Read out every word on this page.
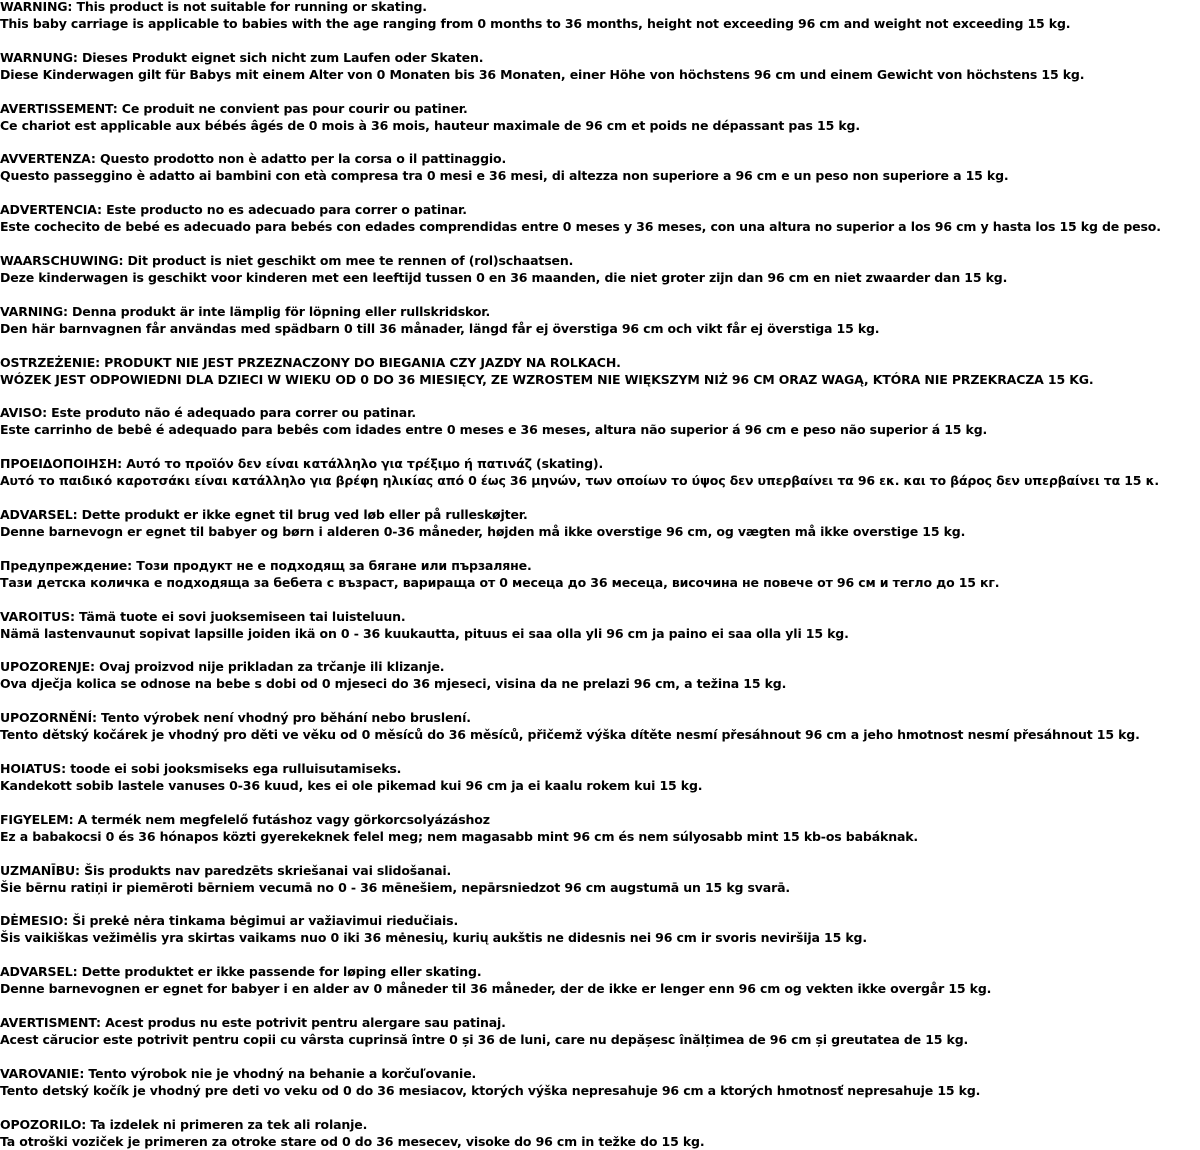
WARNING: This product is not suitable for running or skating.
This baby carriage is applicable to babies with the age ranging from 0 months to 36 months, height not exceeding 96 cm and weight not exceeding 15 kg.
WARNUNG: Dieses Produkt eignet sich nicht zum Laufen oder Skaten.
Diese Kinderwagen gilt für Babys mit einem Alter von 0 Monaten bis 36 Monaten, einer Höhe von höchstens 96 cm und einem Gewicht von höchstens 15 kg.
AVERTISSEMENT: Ce produit ne convient pas pour courir ou patiner.
Ce chariot est applicable aux bébés âgés de 0 mois à 36 mois, hauteur maximale de 96 cm et poids ne dépassant pas 15 kg.
AVVERTENZA: Questo prodotto non è adatto per la corsa o il pattinaggio.
Questo passeggino è adatto ai bambini con età compresa tra 0 mesi e 36 mesi, di altezza non superiore a 96 cm e un peso non superiore a 15 kg.
ADVERTENCIA: Este producto no es adecuado para correr o patinar.
Este cochecito de bebé es adecuado para bebés con edades comprendidas entre 0 meses y 36 meses, con una altura no superior a los 96 cm y hasta los 15 kg de peso.
WAARSCHUWING: Dit product is niet geschikt om mee te rennen of (rol)schaatsen.
Deze kinderwagen is geschikt voor kinderen met een leeftijd tussen 0 en 36 maanden, die niet groter zijn dan 96 cm en niet zwaarder dan 15 kg.
VARNING: Denna produkt är inte lämplig för löpning eller rullskridskor.
Den här barnvagnen får användas med spädbarn 0 till 36 månader, längd får ej överstiga 96 cm och vikt får ej överstiga 15 kg.
OSTRZEŻENIE: PRODUKT NIE JEST PRZEZNACZONY DO BIEGANIA CZY JAZDY NA ROLKACH.
WÓZEK JEST ODPOWIEDNI DLA DZIECI W WIEKU OD 0 DO 36 MIESIĘCY, ZE WZROSTEM NIE WIĘKSZYM NIŻ 96 CM ORAZ WAGĄ, KTÓRA NIE PRZEKRACZA 15 KG.
AVISO: Este produto não é adequado para correr ou patinar.
Este carrinho de bebê é adequado para bebês com idades entre 0 meses e 36 meses, altura não superior á 96 cm e peso não superior á 15 kg.
ΠΡΟΕΙΔΟΠΟΙΗΣΗ: Αυτό το προϊόν δεν είναι κατάλληλο για τρέξιμο ή πατινάζ (skating).
Αυτό το παιδικό καροτσάκι είναι κατάλληλο για βρέφη ηλικίας από 0 έως 36 μηνών, των οποίων το ύψος δεν υπερβαίνει τα 96 εκ. και το βάρος δεν υπερβαίνει τα 15 κ.
ADVARSEL: Dette produkt er ikke egnet til brug ved løb eller på rulleskøjter.
Denne barnevogn er egnet til babyer og børn i alderen 0-36 måneder, højden må ikke overstige 96 cm, og vægten må ikke overstige 15 kg.
Предупреждение: Този продукт не е подходящ за бягане или пързаляне.
Тази детска количка е подходяща за бебета с възраст, варираща от 0 месеца до 36 месеца, височина не повече от 96 см и тегло до 15 кг.
VAROITUS: Tämä tuote ei sovi juoksemiseen tai luisteluun.
Nämä lastenvaunut sopivat lapsille joiden ikä on 0 - 36 kuukautta, pituus ei saa olla yli 96 cm ja paino ei saa olla yli 15 kg.
UPOZORENJE: Ovaj proizvod nije prikladan za trčanje ili klizanje.
Ova dječja kolica se odnose na bebe s dobi od 0 mjeseci do 36 mjeseci, visina da ne prelazi 96 cm, a težina 15 kg.
UPOZORNĚNÍ: Tento výrobek není vhodný pro běhání nebo bruslení.
Tento dětský kočárek je vhodný pro děti ve věku od 0 měsíců do 36 měsíců, přičemž výška dítěte nesmí přesáhnout 96 cm a jeho hmotnost nesmí přesáhnout 15 kg.
HOIATUS: toode ei sobi jooksmiseks ega rulluisutamiseks.
Kandekott sobib lastele vanuses 0-36 kuud, kes ei ole pikemad kui 96 cm ja ei kaalu rokem kui 15 kg.
FIGYELEM: A termék nem megfelelő futáshoz vagy görkorcsolyázáshoz
Ez a babakocsi 0 és 36 hónapos közti gyerekeknek felel meg; nem magasabb mint 96 cm és nem súlyosabb mint 15 kb-os babáknak.
UZMANĪBU: Šis produkts nav paredzēts skriešanai vai slidošanai.
Šie bērnu ratiņi ir piemēroti bērniem vecumā no 0 - 36 mēnešiem, nepārsniedzot 96 cm augstumā un 15 kg svarā.
DĖMESIO: Ši prekė nėra tinkama bėgimui ar važiavimui riedučiais.
Šis vaikiškas vežimėlis yra skirtas vaikams nuo 0 iki 36 mėnesių, kurių aukštis ne didesnis nei 96 cm ir svoris neviršija 15 kg.
ADVARSEL: Dette produktet er ikke passende for løping eller skating.
Denne barnevognen er egnet for babyer i en alder av 0 måneder til 36 måneder, der de ikke er lenger enn 96 cm og vekten ikke overgår 15 kg.
AVERTISMENT: Acest produs nu este potrivit pentru alergare sau patinaj.
Acest cărucior este potrivit pentru copii cu vârsta cuprinsă între 0 și 36 de luni, care nu depășesc înălțimea de 96 cm și greutatea de 15 kg.
VAROVANIE: Tento výrobok nie je vhodný na behanie a korčuľovanie.
Tento detský kočík je vhodný pre deti vo veku od 0 do 36 mesiacov, ktorých výška nepresahuje 96 cm a ktorých hmotnosť nepresahuje 15 kg.
OPOZORILO: Ta izdelek ni primeren za tek ali rolanje.
Ta otroški voziček je primeren za otroke stare od 0 do 36 mesecev, visoke do 96 cm in težke do 15 kg.
